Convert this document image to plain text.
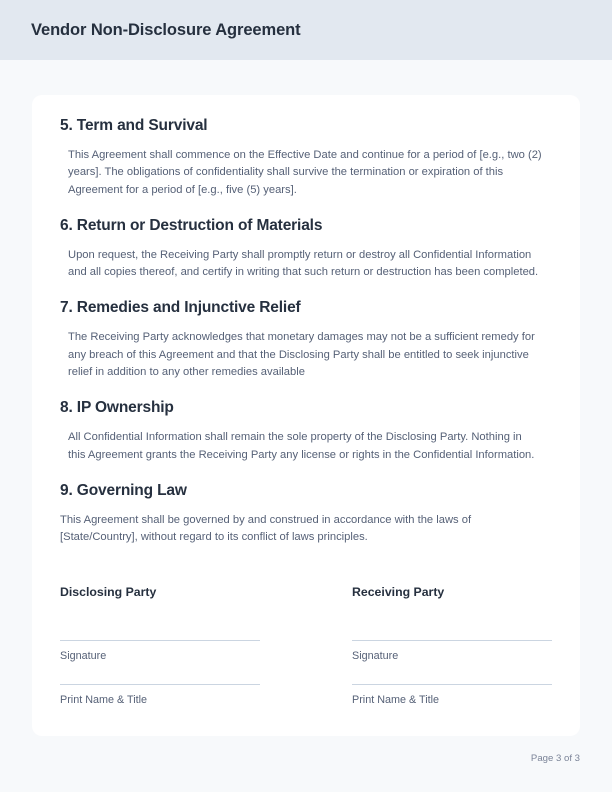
Vendor Non-Disclosure Agreement
5. Term and Survival

This Agreement shall commence on the Effective Date and continue for a period of [e.g., two (2) years]. The obligations of confidentiality shall survive the termination or expiration of this Agreement for a period of [e.g., five (5) years].

6. Return or Destruction of Materials

Upon request, the Receiving Party shall promptly return or destroy all Confidential Information and all copies thereof, and certify in writing that such return or destruction has been completed.

7. Remedies and Injunctive Relief

The Receiving Party acknowledges that monetary damages may not be a sufficient remedy for any breach of this Agreement and that the Disclosing Party shall be entitled to seek injunctive relief in addition to any other remedies available

8. IP Ownership

All Confidential Information shall remain the sole property of the Disclosing Party. Nothing in this Agreement grants the Receiving Party any license or rights in the Confidential Information.

9. Governing Law

This Agreement shall be governed by and construed in accordance with the laws of [State/Country], without regard to its conflict of laws principles.

Disclosing Party
Signature
Print Name & Title
Receiving Party
Signature
Print Name & Title
Page 3 of 3
